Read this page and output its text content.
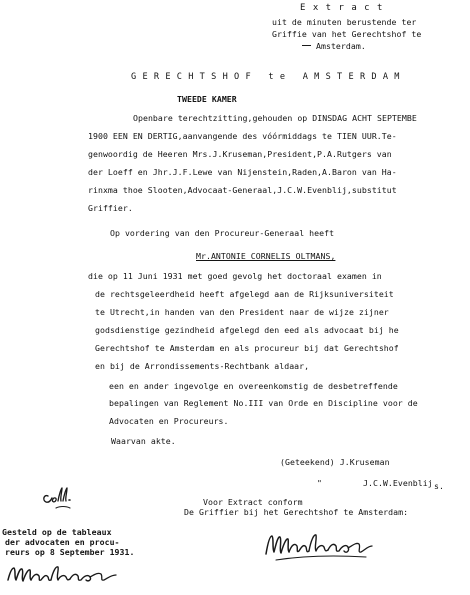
E x t r a c t
uit de minuten berustende ter
Griffie van het Gerechtshof te
Amsterdam.
G E R E C H T S H O F   t e   A M S T E R D A M
TWEEDE KAMER
Openbare terechtzitting,gehouden op DINSDAG ACHT SEPTEMBE
1900 EEN EN DERTIG,aanvangende des vóórmiddags te TIEN UUR.Te-
genwoordig de Heeren Mrs.J.Kruseman,President,P.A.Rutgers van
der Loeff en Jhr.J.F.Lewe van Nijenstein,Raden,A.Baron van Ha-
rinxma thoe Slooten,Advocaat-Generaal,J.C.W.Evenblij,substitut
Griffier.
Op vordering van den Procureur-Generaal heeft
Mr.ANTONIE CORNELIS OLTMANS,
die op 11 Juni 1931 met goed gevolg het doctoraal examen in
de rechtsgeleerdheid heeft afgelegd aan de Rijksuniversiteit
te Utrecht,in handen van den President naar de wijze zijner
godsdienstige gezindheid afgelegd den eed als advocaat bij he
Gerechtshof te Amsterdam en als procureur bij dat Gerechtshof
en bij de Arrondissements-Rechtbank aldaar,
een en ander ingevolge en overeenkomstig de desbetreffende
bepalingen van Reglement No.III van Orde en Discipline voor de
Advocaten en Procureurs.
Waarvan akte.
(Geteekend) J.Kruseman
"	J.C.W.Evenblij s.
Voor Extract conform
De Griffier bij het Gerechtshof te Amsterdam:
Gesteld op de tableaux
der advocaten en procu-
reurs op 8 September 1931.
